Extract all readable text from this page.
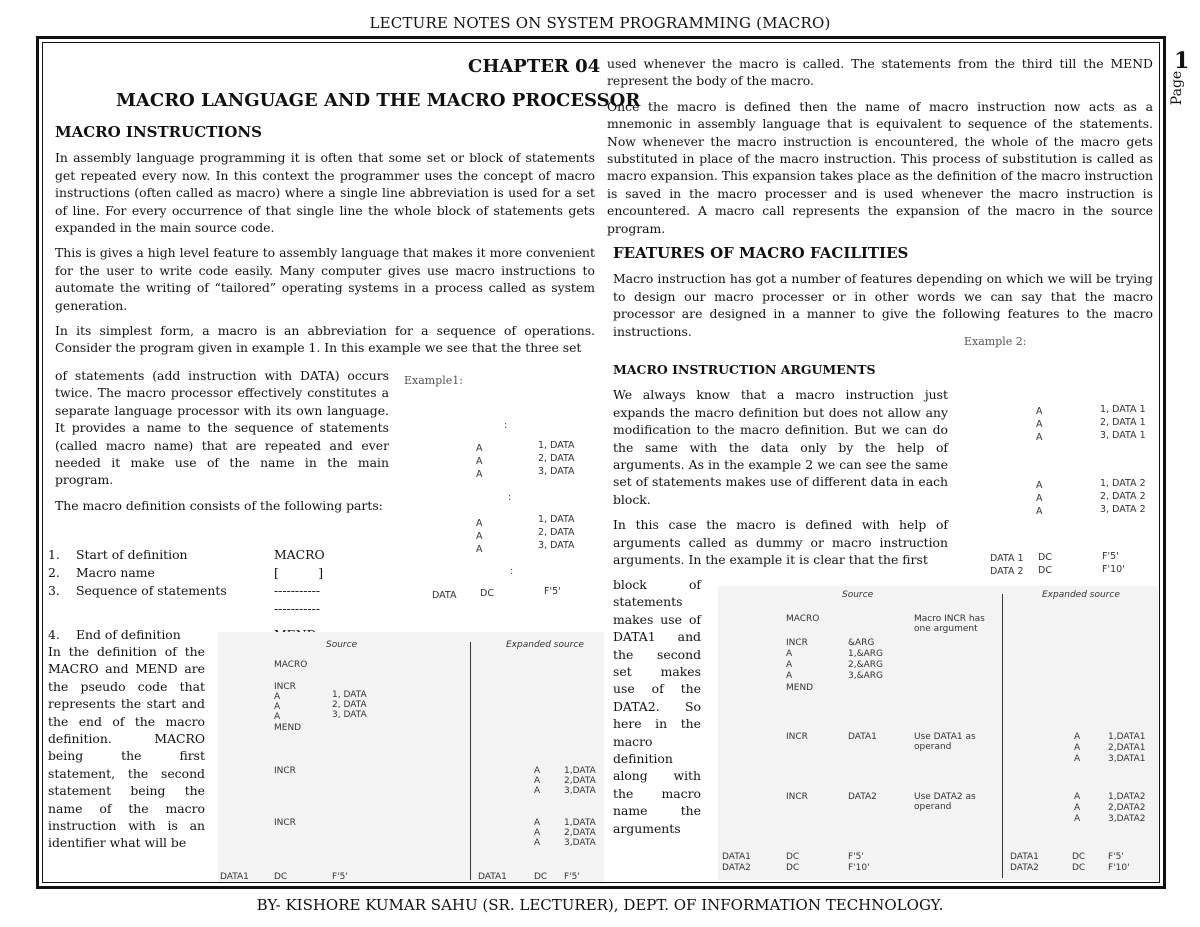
LECTURE NOTES ON SYSTEM PROGRAMMING (MACRO)
1
Page
CHAPTER 04
MACRO LANGUAGE AND THE MACRO PROCESSOR
MACRO INSTRUCTIONS

In assembly language programming it is often that some set or block of statements get repeated every now. In this context the programmer uses the concept of macro instructions (often called as macro) where a single line abbreviation is used for a set of line. For every occurrence of that single line the whole block of statements gets expanded in the main source code.

This is gives a high level feature to assembly language that makes it more convenient for the user to write code easily. Many computer gives use macro instructions to automate the writing of “tailored” operating systems in a process called as system generation.

In its simplest form, a macro is an abbreviation for a sequence of operations. Consider the program given in example 1. In this example we see that the three set

of statements (add instruction with DATA) occurs twice. The macro processor effectively constitutes a separate language processor with its own language. It provides a name to the sequence of statements (called macro name) that are repeated and ever needed it make use of the name in the main program.

The macro definition consists of the following parts:

1. Start of definition	MACRO
2. Macro name	[          ]
3. Sequence of statements	-----------
-----------
4. End of definition

In the definition of the MACRO and MEND are the pseudo code that represents the start and the end of the macro definition. MACRO being the first statement, the second statement being the name of the macro instruction with is an identifier what will be

Example1:
:
A	1, DATA
A	2, DATA
A	3, DATA
:
A	1, DATA
A	2, DATA
A	3, DATA
:
DATA DC	F'5'
Source	Expanded source
MACRO
INCR
A	1, DATA
A	2, DATA
A	3, DATA
MEND
INCR
INCR
A	1,DATA
A	2,DATA
A	3,DATA
A	1,DATA
A	2,DATA
A	3,DATA
DATA1	DC	F'5'	DATA1	DC F'5'

used whenever the macro is called. The statements from the third till the MEND represent the body of the macro.

Once the macro is defined then the name of macro instruction now acts as a mnemonic in assembly language that is equivalent to sequence of the statements. Now whenever the macro instruction is encountered, the whole of the macro gets substituted in place of the macro instruction. This process of substitution is called as macro expansion. This expansion takes place as the definition of the macro instruction is saved in the macro processer and is used whenever the macro instruction is encountered. A macro call represents the expansion of the macro in the source program.

FEATURES OF MACRO FACILITIES

Macro instruction has got a number of features depending on which we will be trying to design our macro processer or in other words we can say that the macro processor are designed in a manner to give the following features to the macro instructions.

MACRO INSTRUCTION ARGUMENTS

We always know that a macro instruction just expands the macro definition but does not allow any modification to the macro definition. But we can do the same with the data only by the help of arguments. As in the example 2 we can see the same set of statements makes use of different data in each block.

In this case the macro is defined with help of arguments called as dummy or macro instruction arguments. In the example it is clear that the first

block of statements makes use of DATA1 and the second set makes use of the DATA2. So here in the macro definition along with the macro name the arguments

Example 2:
A	1, DATA 1
A	2, DATA 1
A	3, DATA 1
A	1, DATA 2
A	2, DATA 2
A	3, DATA 2
DATA 1 DC	F'5'
DATA 2 DC	F'10'
Source	Expanded source
MACRO	Macro INCR has one argument
INCR	&ARG
A	1,&ARG
A	2,&ARG
A	3,&ARG
MEND
INCR	DATA1	Use DATA1 as operand
INCR	DATA2	Use DATA2 as operand
A	1,DATA1
A	2,DATA1
A	3,DATA1
A	1,DATA2
A	2,DATA2
A	3,DATA2
DATA1	DC	F'5'
DATA2	DC	F'10'
DATA1	DC	F'5'
DATA2	DC	F'10'
BY- KISHORE KUMAR SAHU (SR. LECTURER), DEPT. OF INFORMATION TECHNOLOGY.
